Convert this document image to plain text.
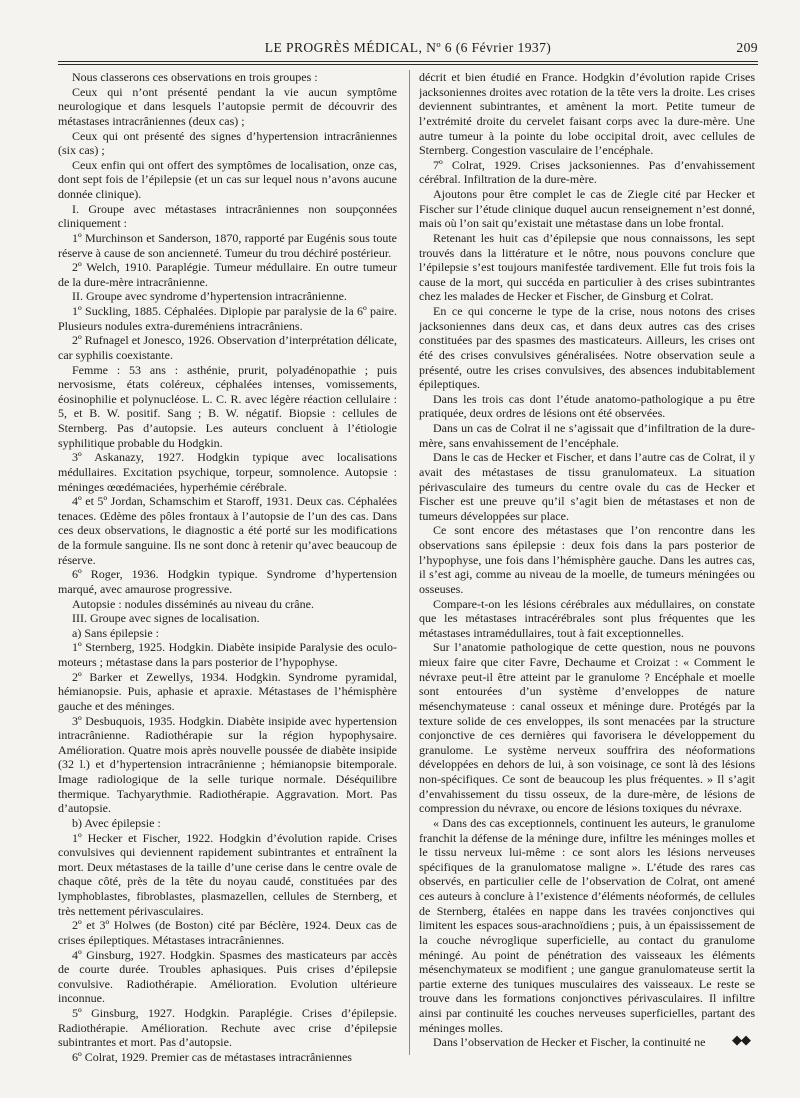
LE PROGRÈS MÉDICAL, Nº 6 (6 Février 1937)	209

Nous classerons ces observations en trois groupes :

Ceux qui n’ont présenté pendant la vie aucun symptôme neurologique et dans lesquels l’autopsie permit de découvrir des métastases intracrâniennes (deux cas) ;

Ceux qui ont présenté des signes d’hypertension intracrâniennes (six cas) ;

Ceux enfin qui ont offert des symptômes de localisation, onze cas, dont sept fois de l’épilepsie (et un cas sur lequel nous n’avons aucune donnée clinique).

I. Groupe avec métastases intracrâniennes non soupçonnées cliniquement :

1º Murchinson et Sanderson, 1870, rapporté par Eugénis sous toute réserve à cause de son ancienneté. Tumeur du trou déchiré postérieur.

2º Welch, 1910. Paraplégie. Tumeur médullaire. En outre tumeur de la dure-mère intracrânienne.

II. Groupe avec syndrome d’hypertension intracrânienne.

1º Suckling, 1885. Céphalées. Diplopie par paralysie de la 6º paire. Plusieurs nodules extra-dureméniens intracrâniens.

2º Rufnagel et Jonesco, 1926. Observation d’interprétation délicate, car syphilis coexistante.

Femme : 53 ans : asthénie, prurit, polyadénopathie ; puis nervosisme, états coléreux, céphalées intenses, vomissements, éosinophilie et polynucléose. L. C. R. avec légère réaction cellulaire : 5, et B. W. positif. Sang ; B. W. négatif. Biopsie : cellules de Sternberg. Pas d’autopsie. Les auteurs concluent à l’étiologie syphilitique probable du Hodgkin.

3º Askanazy, 1927. Hodgkin typique avec localisations médullaires. Excitation psychique, torpeur, somnolence. Autopsie : méninges œœdémaciées, hyperhémie cérébrale.

4º et 5º Jordan, Schamschim et Staroff, 1931. Deux cas. Céphalées tenaces. Œdème des pôles frontaux à l’autopsie de l’un des cas. Dans ces deux observations, le diagnostic a été porté sur les modifications de la formule sanguine. Ils ne sont donc à retenir qu’avec beaucoup de réserve.

6º Roger, 1936. Hodgkin typique. Syndrome d’hypertension marqué, avec amaurose progressive.

Autopsie : nodules disséminés au niveau du crâne.

III. Groupe avec signes de localisation.

a) Sans épilepsie :

1º Sternberg, 1925. Hodgkin. Diabète insipide Paralysie des oculo-moteurs ; métastase dans la pars posterior de l’hypophyse.

2º Barker et Zewellys, 1934. Hodgkin. Syndrome pyramidal, hémianopsie. Puis, aphasie et apraxie. Métastases de l’hémisphère gauche et des méninges.

3º Desbuquois, 1935. Hodgkin. Diabète insipide avec hypertension intracrânienne. Radiothérapie sur la région hypophysaire. Amélioration. Quatre mois après nouvelle poussée de diabète insipide (32 l.) et d’hypertension intracrânienne ; hémianopsie bitemporale. Image radiologique de la selle turique normale. Déséquilibre thermique. Tachyarythmie. Radiothérapie. Aggravation. Mort. Pas d’autopsie.

b) Avec épilepsie :

1º Hecker et Fischer, 1922. Hodgkin d’évolution rapide. Crises convulsives qui deviennent rapidement subintrantes et entraînent la mort. Deux métastases de la taille d’une cerise dans le centre ovale de chaque côté, près de la tête du noyau caudé, constituées par des lymphoblastes, fibroblastes, plasmazellen, cellules de Sternberg, et très nettement périvasculaires.

2º et 3º Holwes (de Boston) cité par Béclère, 1924. Deux cas de crises épileptiques. Métastases intracrâniennes.

4º Ginsburg, 1927. Hodgkin. Spasmes des masticateurs par accès de courte durée. Troubles aphasiques. Puis crises d’épilepsie convulsive. Radiothérapie. Amélioration. Evolution ultérieure inconnue.

5º Ginsburg, 1927. Hodgkin. Paraplégie. Crises d’épilepsie. Radiothérapie. Amélioration. Rechute avec crise d’épilepsie subintrantes et mort. Pas d’autopsie.

6º Colrat, 1929. Premier cas de métastases intracrâniennes

décrit et bien étudié en France. Hodgkin d’évolution rapide Crises jacksoniennes droites avec rotation de la tête vers la droite. Les crises deviennent subintrantes, et amènent la mort. Petite tumeur de l’extrémité droite du cervelet faisant corps avec la dure-mère. Une autre tumeur à la pointe du lobe occipital droit, avec cellules de Sternberg. Congestion vasculaire de l’encéphale.

7º Colrat, 1929. Crises jacksoniennes. Pas d’envahissement cérébral. Infiltration de la dure-mère.

Ajoutons pour être complet le cas de Ziegle cité par Hecker et Fischer sur l’étude clinique duquel aucun renseignement n’est donné, mais où l’on sait qu’existait une métastase dans un lobe frontal.

Retenant les huit cas d’épilepsie que nous connaissons, les sept trouvés dans la littérature et le nôtre, nous pouvons conclure que l’épilepsie s’est toujours manifestée tardivement. Elle fut trois fois la cause de la mort, qui succéda en particulier à des crises subintrantes chez les malades de Hecker et Fischer, de Ginsburg et Colrat.

En ce qui concerne le type de la crise, nous notons des crises jacksoniennes dans deux cas, et dans deux autres cas des crises constituées par des spasmes des masticateurs. Ailleurs, les crises ont été des crises convulsives généralisées. Notre observation seule a présenté, outre les crises convulsives, des absences indubitablement épileptiques.

Dans les trois cas dont l’étude anatomo-pathologique a pu être pratiquée, deux ordres de lésions ont été observées.

Dans un cas de Colrat il ne s’agissait que d’infiltration de la dure-mère, sans envahissement de l’encéphale.

Dans le cas de Hecker et Fischer, et dans l’autre cas de Colrat, il y avait des métastases de tissu granulomateux. La situation périvasculaire des tumeurs du centre ovale du cas de Hecker et Fischer est une preuve qu’il s’agit bien de métastases et non de tumeurs développées sur place.

Ce sont encore des métastases que l’on rencontre dans les observations sans épilepsie : deux fois dans la pars posterior de l’hypophyse, une fois dans l’hémisphère gauche. Dans les autres cas, il s’est agi, comme au niveau de la moelle, de tumeurs méningées ou osseuses.

Compare-t-on les lésions cérébrales aux médullaires, on constate que les métastases intracérébrales sont plus fréquentes que les métastases intramédullaires, tout à fait exceptionnelles.

Sur l’anatomie pathologique de cette question, nous ne pouvons mieux faire que citer Favre, Dechaume et Croizat : « Comment le névraxe peut-il être atteint par le granulome ? Encéphale et moelle sont entourées d’un système d’enveloppes de nature mésenchymateuse : canal osseux et méninge dure. Protégés par la texture solide de ces enveloppes, ils sont menacées par la structure conjonctive de ces dernières qui favorisera le développement du granulome. Le système nerveux souffrira des néoformations développées en dehors de lui, à son voisinage, ce sont là des lésions non-spécifiques. Ce sont de beaucoup les plus fréquentes. » Il s’agit d’envahissement du tissu osseux, de la dure-mère, de lésions de compression du névraxe, ou encore de lésions toxiques du névraxe.

« Dans des cas exceptionnels, continuent les auteurs, le granulome franchit la défense de la méninge dure, infiltre les méninges molles et le tissu nerveux lui-même : ce sont alors les lésions nerveuses spécifiques de la granulomatose maligne ». L’étude des rares cas observés, en particulier celle de l’observation de Colrat, ont amené ces auteurs à conclure à l’existence d’éléments néoformés, de cellules de Sternberg, étalées en nappe dans les travées conjonctives qui limitent les espaces sous-arachnoïdiens ; puis, à un épaississement de la couche névroglique superficielle, au contact du granulome méningé. Au point de pénétration des vaisseaux les éléments mésenchymateux se modifient ; une gangue granulomateuse sertit la partie externe des tuniques musculaires des vaisseaux. Le reste se trouve dans les formations conjonctives périvasculaires. Il infiltre ainsi par continuité les couches nerveuses superficielles, partant des méninges molles.

Dans l’observation de Hecker et Fischer, la continuité ne	◆◆
